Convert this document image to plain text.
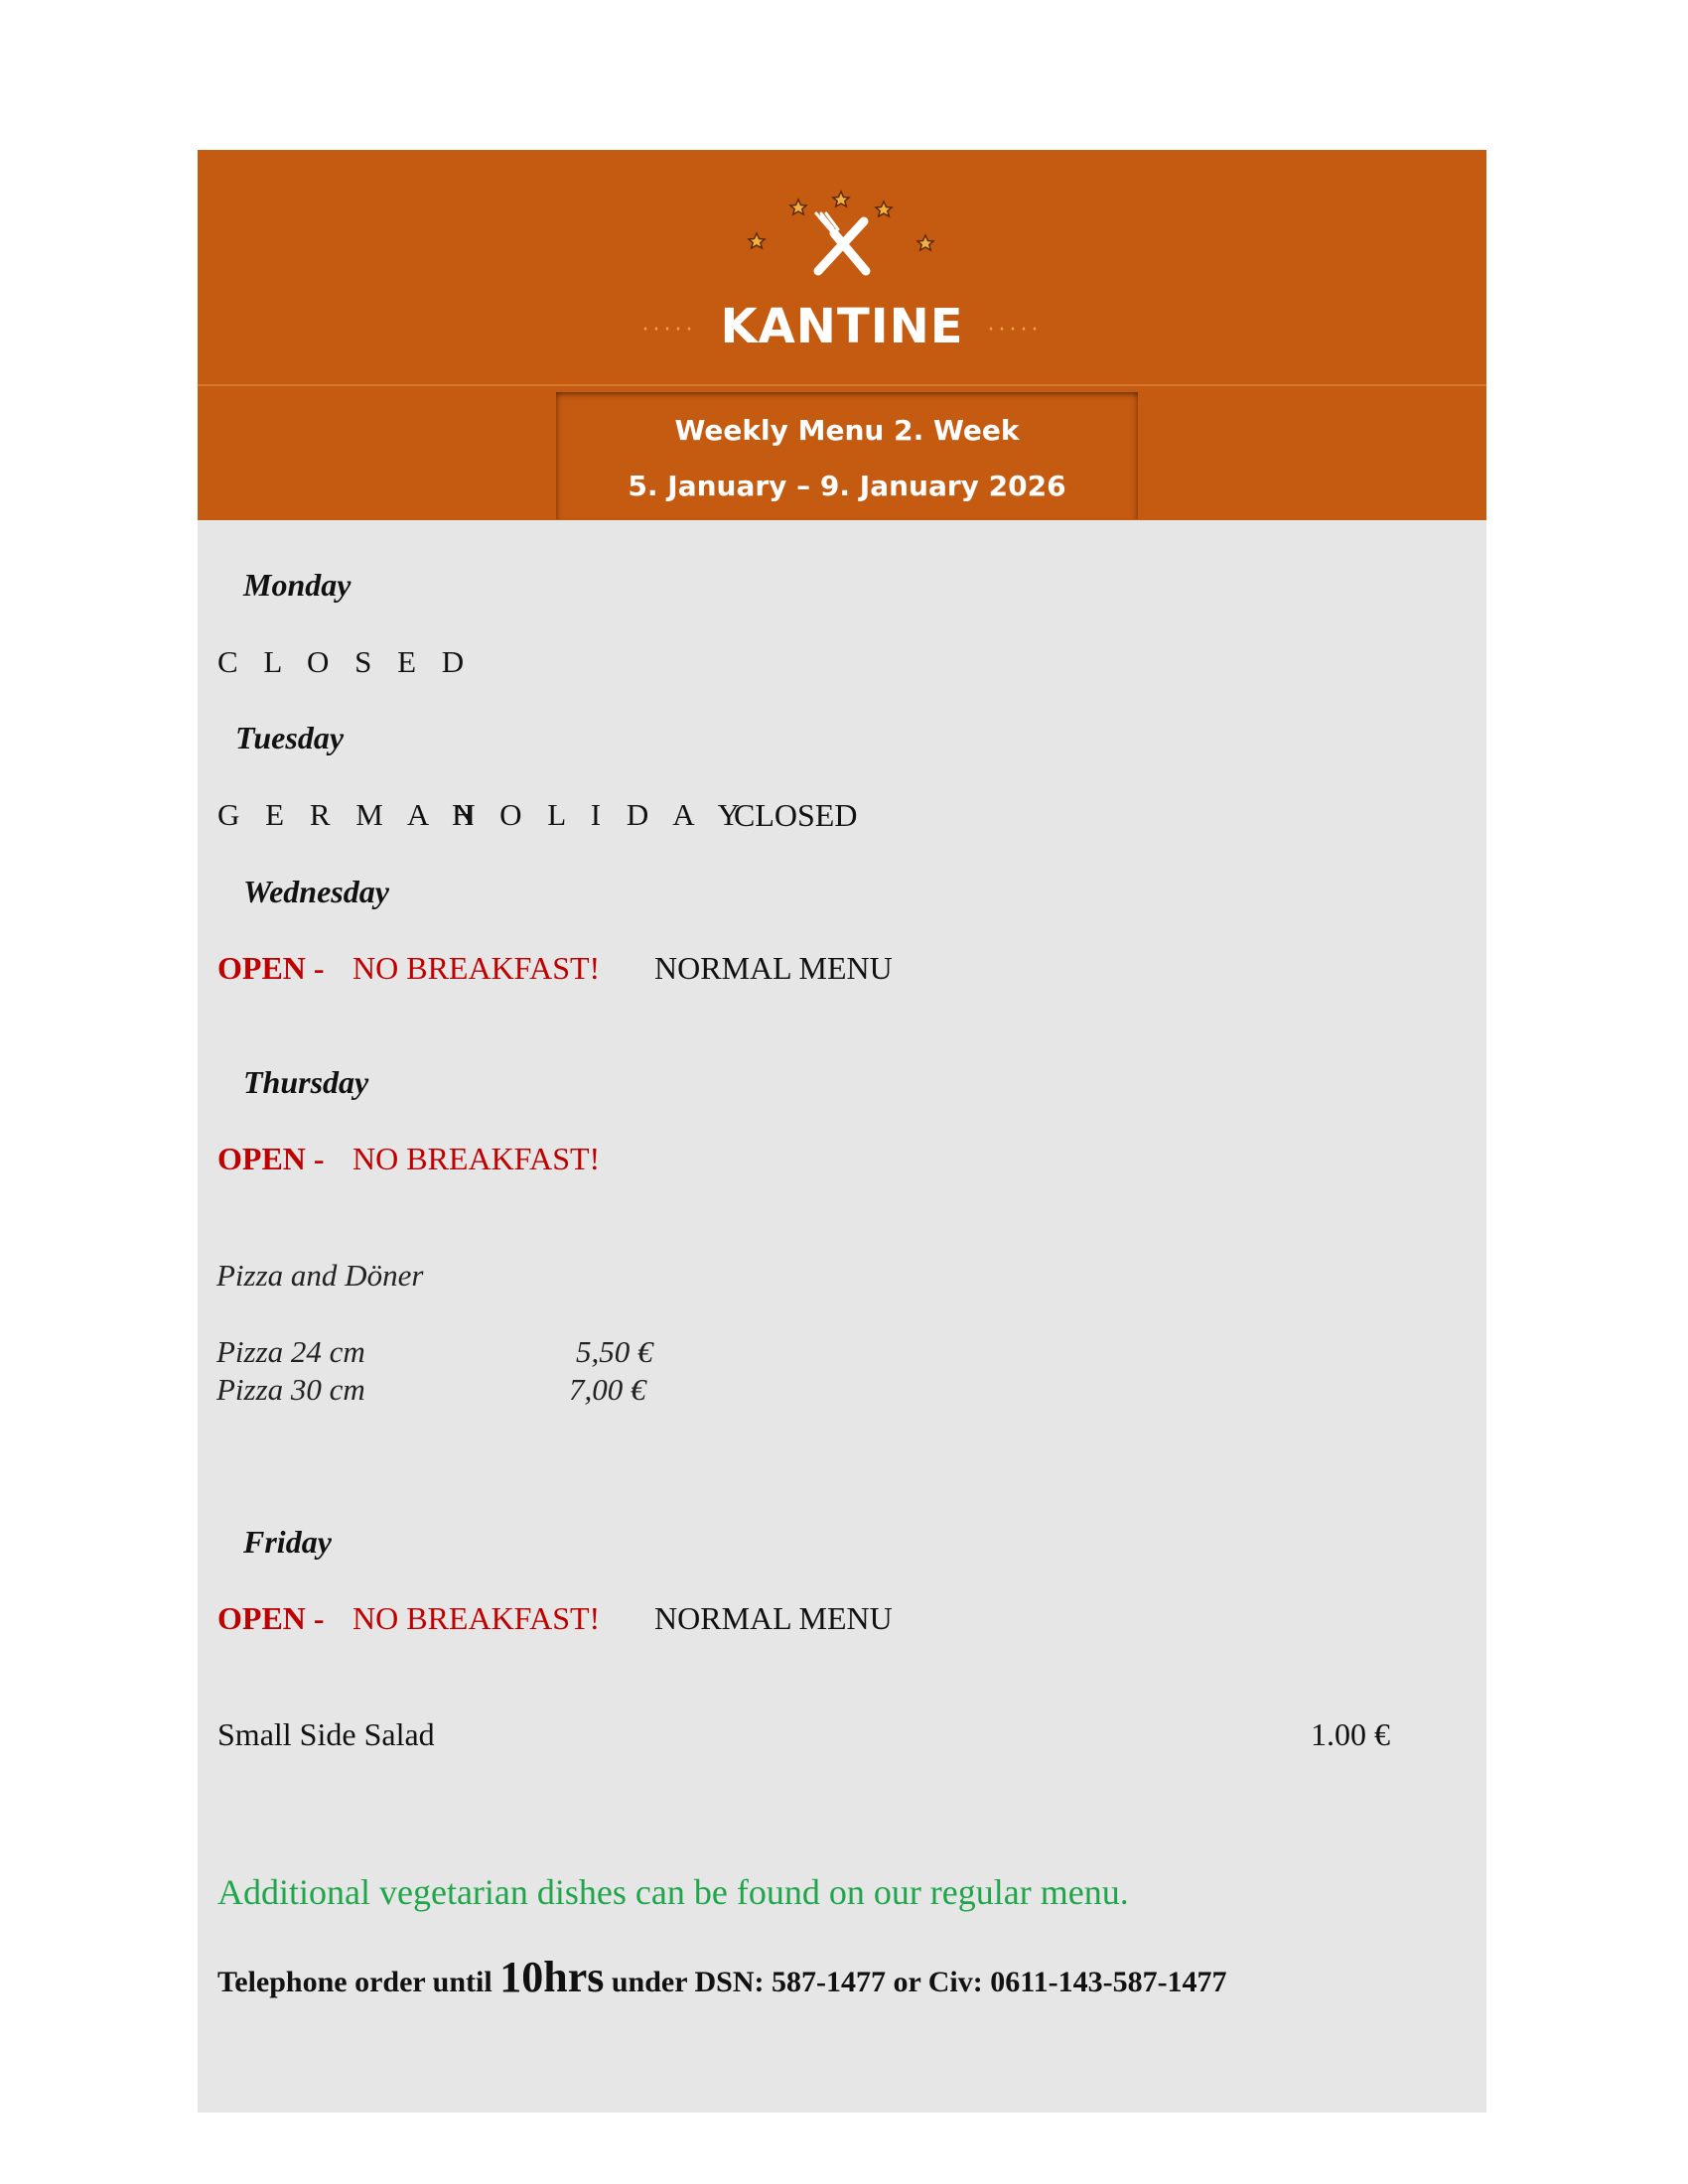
····· KANTINE ·····
Weekly Menu 2. Week
5. January – 9. January 2026
Monday
C L O S E D
Tuesday
G E R M A N
H O L I D A Y
CLOSED
Wednesday
OPEN - NO BREAKFAST! NORMAL MENU
Thursday
OPEN - NO BREAKFAST!
Pizza and Döner
Pizza 24 cm	5,50 €
Pizza 30 cm	7,00 €
Friday
OPEN - NO BREAKFAST! NORMAL MENU
Small Side Salad	1.00 €
Additional vegetarian dishes can be found on our regular menu.
Telephone order until 10hrs under DSN: 587-1477 or Civ: 0611-143-587-1477
